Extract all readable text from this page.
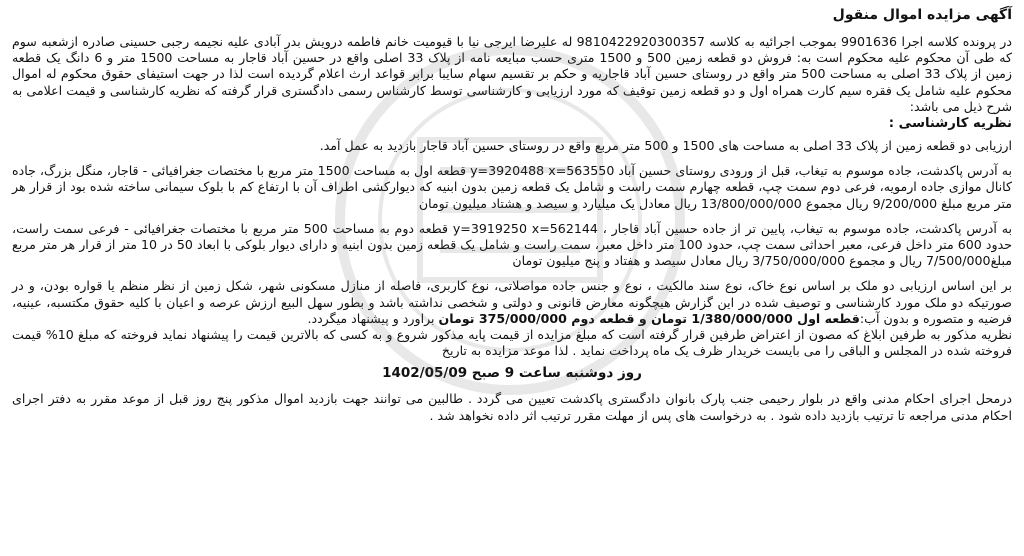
آگهی مزایده اموال منقول

در پرونده کلاسه اجرا 9901636 بموجب اجرائیه به کلاسه 9810422920300357 له علیرضا ایرجی نیا با قیومیت خانم فاطمه درویش بدر آبادی علیه نجیمه رجبی حسینی صادره ازشعبه سوم که طی آن محکوم علیه محکوم است به: فروش دو قطعه زمین 500 و 1500 متری حسب مبایعه نامه از پلاک 33 اصلی واقع در حسین آباد قاجار به مساحت 1500 متر و 6 دانگ یک قطعه زمین از پلاک 33 اصلی به مساحت 500 متر واقع در روستای حسین آباد قاجاریه و حکم بر تقسیم سهام سایبا برابر قواعد ارث اعلام گردیده است لذا در جهت استیفای حقوق محکوم له اموال محکوم علیه شامل یک فقره سیم کارت همراه اول و دو قطعه زمین توقیف که مورد ارزیابی و کارشناسی توسط کارشناس رسمی دادگستری قرار گرفته که نظریه کارشناسی و قیمت اعلامی به شرح ذیل می باشد:

نظریه کارشناسی :

ارزیابی دو قطعه زمین از پلاک 33 اصلی به مساحت های 1500 و 500 متر مربع واقع در روستای حسین آباد قاجار بازدید به عمل آمد.

به آدرس پاکدشت، جاده موسوم به تیغاب، قبل از ورودی روستای حسین آباد y=3920488 x=563550 قطعه اول به مساحت 1500 متر مربع با مختصات جغرافیائی - قاجار، منگل بزرگ، جاده کانال موازی جاده ارمویه، فرعی دوم سمت چپ، قطعه چهارم سمت راست و شامل یک قطعه زمین بدون ابنیه که دیوارکشی اطراف آن با ارتفاع کم با بلوک سیمانی ساخته شده بود از قرار هر متر مربع مبلغ 9/200/000 ریال مجموع 13/800/000/000 ریال معادل یک میلیارد و سیصد و هشتاد میلیون تومان

به آدرس پاکدشت، جاده موسوم به تیغاب، پایین تر از جاده حسین آباد قاجار ، y=3919250 x=562144 قطعه دوم به مساحت 500 متر مربع با مختصات جغرافیائی - فرعی سمت راست، حدود 600 متر داخل فرعی، معبر احداثی سمت چپ، حدود 100 متر داخل معبر، سمت راست و شامل یک قطعه زمین بدون ابنیه و دارای دیوار بلوکی با ابعاد 50 در 10 متر از قرار هر متر مربع مبلغ7/500/000 ریال و مجموع 3/750/000/000 ریال معادل سیصد و هفتاد و پنج میلیون تومان

بر این اساس ارزیابی دو ملک بر اساس نوع خاک، نوع سند مالکیت ، نوع و جنس جاده مواصلاتی، نوع کاربری، فاصله از منازل مسکونی شهر، شکل زمین از نظر منظم یا قواره بودن، و در صورتیکه دو ملک مورد کارشناسی و توصیف شده در این گزارش هیچگونه معارض قانونی و دولتی و شخصی نداشته باشد و بطور سهل البیع ارزش عرصه و اعیان با کلیه حقوق مکتسبه، عینیه، فرضیه و متصوره و بدون آب:قطعه اول 1/380/000/000 تومان و قطعه دوم 375/000/000 تومان براورد و پیشنهاد میگردد.

نظریه مذکور به طرفین ابلاغ که مصون از اعتراض طرفین قرار گرفته است که مبلغ مزایده از قیمت پایه مذکور شروع و به کسی که بالاترین قیمت را پیشنهاد نماید فروخته که مبلغ 10% قیمت فروخته شده در المجلس و الباقی را می بایست خریدار ظرف یک ماه پرداخت نماید . لذا موعد مزایده به تاریخ

روز دوشنبه ساعت 9 صبح 1402/05/09

درمحل اجرای احکام مدنی واقع در بلوار رحیمی جنب پارک بانوان دادگستری پاکدشت تعیین می گردد . طالبین می توانند جهت بازدید اموال مذکور پنج روز قبل از موعد مقرر به دفتر اجرای احکام مدنی مراجعه تا ترتیب بازدید داده شود . به درخواست های پس از مهلت مقرر ترتیب اثر داده نخواهد شد .
